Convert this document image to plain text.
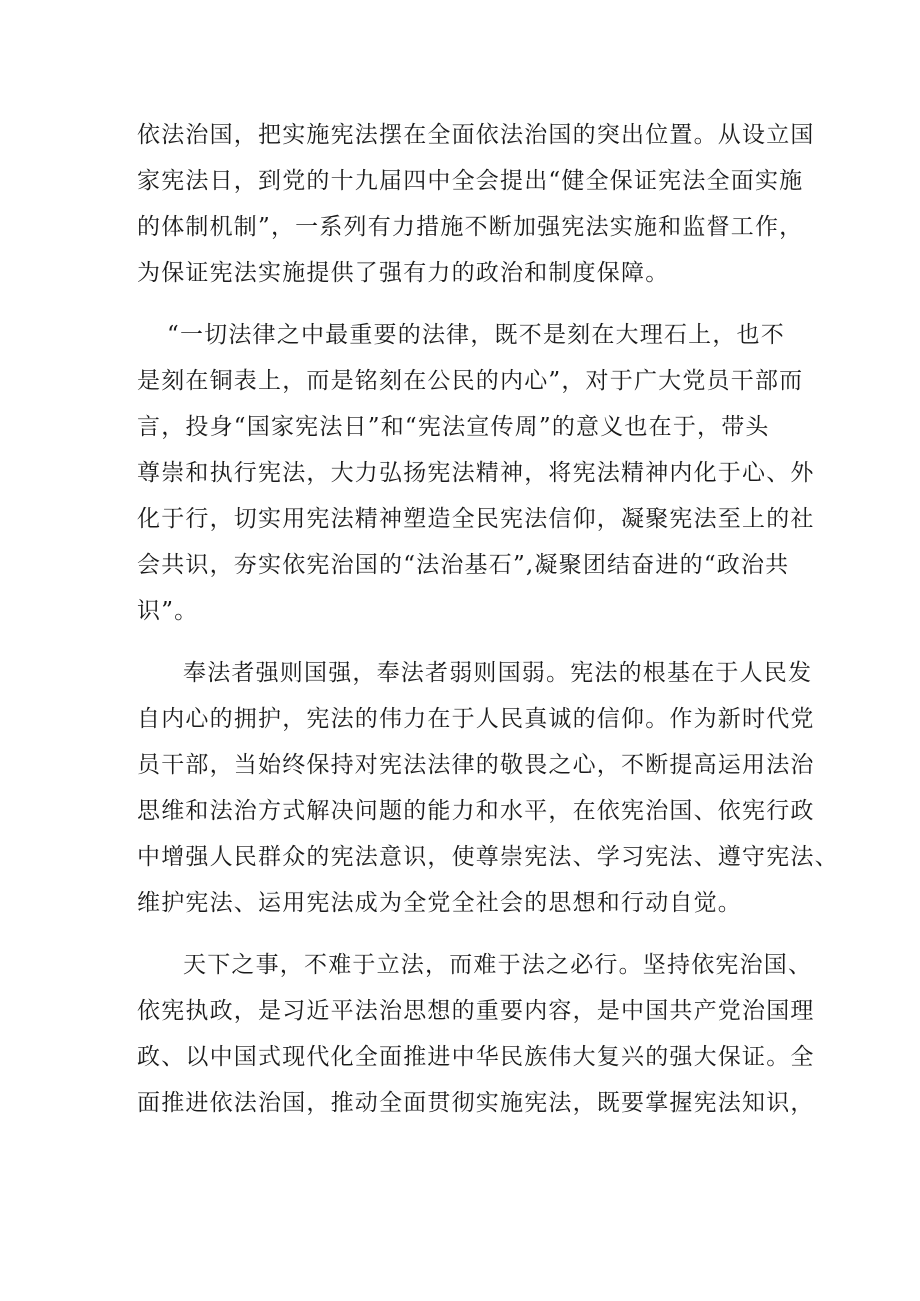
依法治国，把实施宪法摆在全面依法治国的突出位置。从设立国
家宪法日，到党的十九届四中全会提出“健全保证宪法全面实施
的体制机制”，一系列有力措施不断加强宪法实施和监督工作，
为保证宪法实施提供了强有力的政治和制度保障。
“一切法律之中最重要的法律，既不是刻在大理石上，也不
是刻在铜表上，而是铭刻在公民的内心”，对于广大党员干部而
言，投身“国家宪法日”和“宪法宣传周”的意义也在于，带头
尊崇和执行宪法，大力弘扬宪法精神，将宪法精神内化于心、外
化于行，切实用宪法精神塑造全民宪法信仰，凝聚宪法至上的社
会共识，夯实依宪治国的“法治基石”,凝聚团结奋进的“政治共
识”。
奉法者强则国强，奉法者弱则国弱。宪法的根基在于人民发
自内心的拥护，宪法的伟力在于人民真诚的信仰。作为新时代党
员干部，当始终保持对宪法法律的敬畏之心，不断提高运用法治
思维和法治方式解决问题的能力和水平，在依宪治国、依宪行政
中增强人民群众的宪法意识，使尊崇宪法、学习宪法、遵守宪法、
维护宪法、运用宪法成为全党全社会的思想和行动自觉。
天下之事，不难于立法，而难于法之必行。坚持依宪治国、
依宪执政，是习近平法治思想的重要内容，是中国共产党治国理
政、以中国式现代化全面推进中华民族伟大复兴的强大保证。全
面推进依法治国，推动全面贯彻实施宪法，既要掌握宪法知识，
